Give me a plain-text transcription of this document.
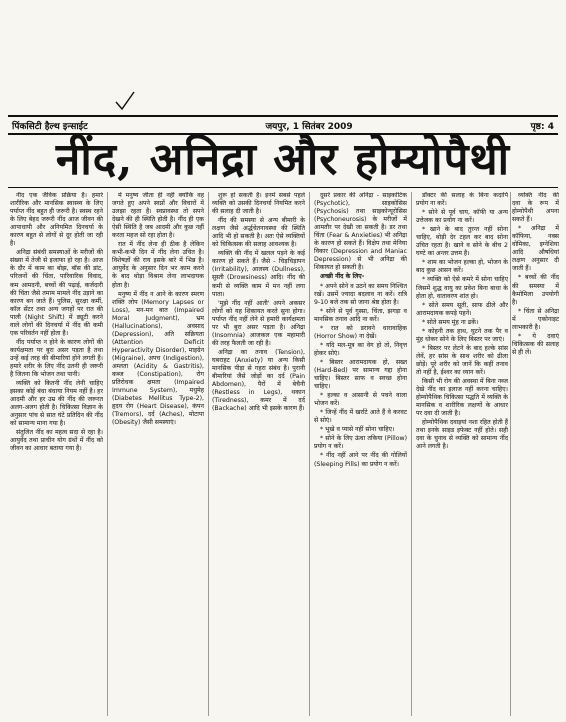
पिंकसिटी हैल्थ इन्साईट	जयपुर, 1 सितंबर 2009	पृष्ठ: 4
नींद, अनिद्रा और होम्योपैथी

नींद एक जैविक प्रक्रिया है। हमारे शारीरिक और मानसिक स्वास्थ्य के लिए पर्याप्त नींद बहुत ही जरूरी है। स्वस्थ रहने के लिए बेहद जरूरी नींद आज जीवन की आपाधापी और अनियमित दिनचर्या के कारण बहुत से लोगों से दूर होती जा रही है।

अनिद्रा संबंधी समस्याओं के मरीजों की संख्या में तेजी से इजाफा हो रहा है। आज के दौर में काम का बोझ, बॉस की डांट, परिजनों की चिंता, पारिवारिक विवाद, कम आमदनी, बच्चों की पढ़ाई, कर्जदारी की चिंता जैसे तमाम मामले नींद उड़ाने का कारण बन जाते हैं। पुलिस, सुरक्षा कर्मी, कॉल सेंटर तथा अन्य जगहों पर रात की पाली (Night Shift) में ड्यूटी करने वाले लोगों की दिनचर्या में नींद की कमी एक परिवर्तन नहीं होता है।

नींद पर्याप्त न होने के कारण लोगों की कार्यक्षमता पर बुरा असर पड़ता है तथा उन्हें कई तरह की बीमारियां होने लगती हैं। हमारे शरीर के लिए नींद उतनी ही जरूरी है जितना कि भोजन तथा पानी।

व्यक्ति को कितनी नींद लेनी चाहिए इसका कोई बंधा बंधाया नियम नहीं है। हर आदमी और हर उम्र की नींद की जरूरत अलग-अलग होती है। चिकित्सा विज्ञान के अनुसार पांच से सात घंटे प्रतिदिन की नींद को सामान्य माना गया है।

संतुलित नींद का महत्व सदा से रहा है। आयुर्वेद तथा प्राचीन योग ग्रंथों में नींद को जीवन का आधार बताया गया है।

में मनुष्य जीता ही नहीं क्योंकि वह जगते हुए अपने स्वप्नों और विचारों में उलझा रहता है। स्वप्नावस्था तो सपने देखने की ही स्थिति होती है। नींद ही एक ऐसी स्थिति है जब आदमी और कुछ नहीं करता महज सो रहा होता है।

रात में नींद लेना ही ठीक है लेकिन कभी-कभी दिन में नींद लेना उचित है। विशेषज्ञों की राय इसके बारे में भिन्न है। आयुर्वेद के अनुसार दिन भर काम करने के बाद थोड़ा विश्राम लेना लाभदायक होता है।

मनुष्य में नींद न आने के कारण स्मरण शक्ति लोप (Memory Lapses or Loss), मन-मन बात (Impaired Moral Judgment), भ्रम (Hallucinations), अवसाद (Depression), अति सक्रियता (Attention Deficit Hyperactivity Disorder), माइग्रेन (Migraine), अपच (Indigestion), अम्लता (Acidity & Gastritis), कब्ज (Constipation), रोग प्रतिरोधक क्षमता (Impaired Immune System), मधुमेह (Diabetes Mellitus Type-2), हृदय रोग (Heart Disease), कंपन (Tremors), दर्द (Aches), मोटापा (Obesity) जैसी समस्याएं।

शुरू हो सकती है। इनमें सबसे पहले व्यक्ति को उसकी दिनचर्या नियमित करने की सलाह दी जाती है।

नींद की समस्या से अन्य बीमारी के लक्षण जैसे अर्द्धचेतनावस्था की स्थिति आदि भी हो सकती है। अतः ऐसे व्यक्तियों को चिकित्सक की सलाह आवश्यक है।

व्यक्ति की नींद में खलल पड़ने के कई कारण हो सकते हैं। जैसे - चिड़चिड़ापन (Irritability), आलस्य (Dullness), सुस्ती (Drowsiness) आदि। नींद की कमी से व्यक्ति काम में मन नहीं लगा पाता।

'मुझे नींद नहीं आती' अपने अकसर लोगों को यह शिकायत करते सुना होगा। पर्याप्त नींद नहीं लेने से हमारी कार्यक्षमता पर भी बुरा असर पड़ता है। अनिद्रा (Insomnia) आजकल एक महामारी की तरह फैलती जा रही है।

अनिद्रा का तनाव (Tension), घबराहट (Anxiety) या अन्य किसी मानसिक पीड़ा से गहरा संबंध है। पुरानी बीमारियां जैसे जोड़ों का दर्द (Pain Abdomen), पैरों में बेचैनी (Restless in Legs), थकान (Tiredness), कमर में दर्द (Backache) आदि भी इसके कारण हैं।

दूसरे प्रकार की अनिद्रा - साइकोटिक (Psychotic), साइकोसिस (Psychosis) तथा साइकोन्यूरोसिस (Psychoneurosis) के मरीजों में आमतौर पर देखी जा सकती है। डर तथा चिंता (Fear & Anxieties) भी अनिद्रा के कारण हो सकते हैं। विक्षेप तथा मेनिया विकार (Depression and Maniac Depression) से भी अनिद्रा की शिकायत हो सकती है।

अच्छी नींद के लिए-

* अपने सोने व उठने का समय निश्चित रखें। उसमें ज्यादा बदलाव ना करें। रात्रि 9-10 बजे तक सो जाना श्रेष्ठ होता है।

* सोने से पूर्व गुस्सा, चिंता, झगड़ा व मानसिक तनाव आदि ना करें।

* रात को डरावने धारावाहिक (Horror Show) ना देखें।

* यदि मल-मूत्र का वेग हो तो, निवृत्त होकर सोएं।

* बिस्तर आरामदायक हो, सख्त (Hard-Bed) पर सामान्य गद्दा होना चाहिए। बिस्तर साफ व स्वच्छ होना चाहिए।

* हल्का व आसानी से पचने वाला भोजन करें।

* जिन्हें नींद में खर्राटे आते हैं वे करवट से सोएं।

* भूखे व प्यासे नहीं सोना चाहिए।

* सोने के लिए ऊंचा तकिया (Pillow) प्रयोग न करें।

* नींद नहीं आने पर नींद की गोलियों (Sleeping Pills) का प्रयोग न करें।

डॉक्टर की सलाह के बिना कदापि प्रयोग ना करें।

* सोने से पूर्व चाय, कॉफी या अन्य उत्तेजक का प्रयोग ना करें।

* खाने के बाद तुरन्त नहीं सोना चाहिए, थोड़ी देर टहल कर बाद सोना उचित रहता है। खाने व सोने के बीच 2 घण्टे का अन्तर उत्तम है।

* शाम का भोजन हल्का हो, भोजन के बाद कुछ आसन करें।

* व्यक्ति को ऐसे कमरे में सोना चाहिए जिसमें शुद्ध वायु का प्रवेश बिना बाधा के होता हो, वातावरण शांत हो।

* सोते समय सूती, साफ ढीले और आरामदायक कपड़े पहनें।

* सोते समय मुंह ना ढकें।

* कोहनी तक हाथ, घुटने तक पैर व मुंह धोकर सोने के लिए बिस्तर पर जाएं।

* बिस्तर पर लेटने के बाद हल्के सांस लेवें, हर सांस के साथ शरीर को ढीला छोड़ें। पूरे शरीर को जानें कि कहीं तनाव तो नहीं है, ईश्वर का ध्यान करें।

किसी भी रोग की अवस्था में बिना नब्ज देखे नींद का इलाज नहीं करना चाहिए। होम्योपैथिक चिकित्सा पद्धति में व्यक्ति के मानसिक व शारीरिक लक्षणों के आधार पर दवा दी जाती है।

होम्योपैथिक दवाइयां नशा रहित होती हैं तथा इनके साइड इफेक्ट नहीं होते। सही दवा के चुनाव से व्यक्ति को सामान्य नींद आने लगती है।

व्यक्ति नींद की दवा के रूप में होम्योपैथी अपना सकते हैं।

* अनिद्रा में कॉफिया, नक्स वोमिका, इग्नेशिया आदि औषधियां लक्षण अनुसार दी जाती हैं।

* बच्चों की नींद की समस्या में कैमोमिला उपयोगी है।

* चिंता से अनिद्रा में एकोनाइट लाभकारी है।

* ये दवाएं चिकित्सक की सलाह से ही लें।
